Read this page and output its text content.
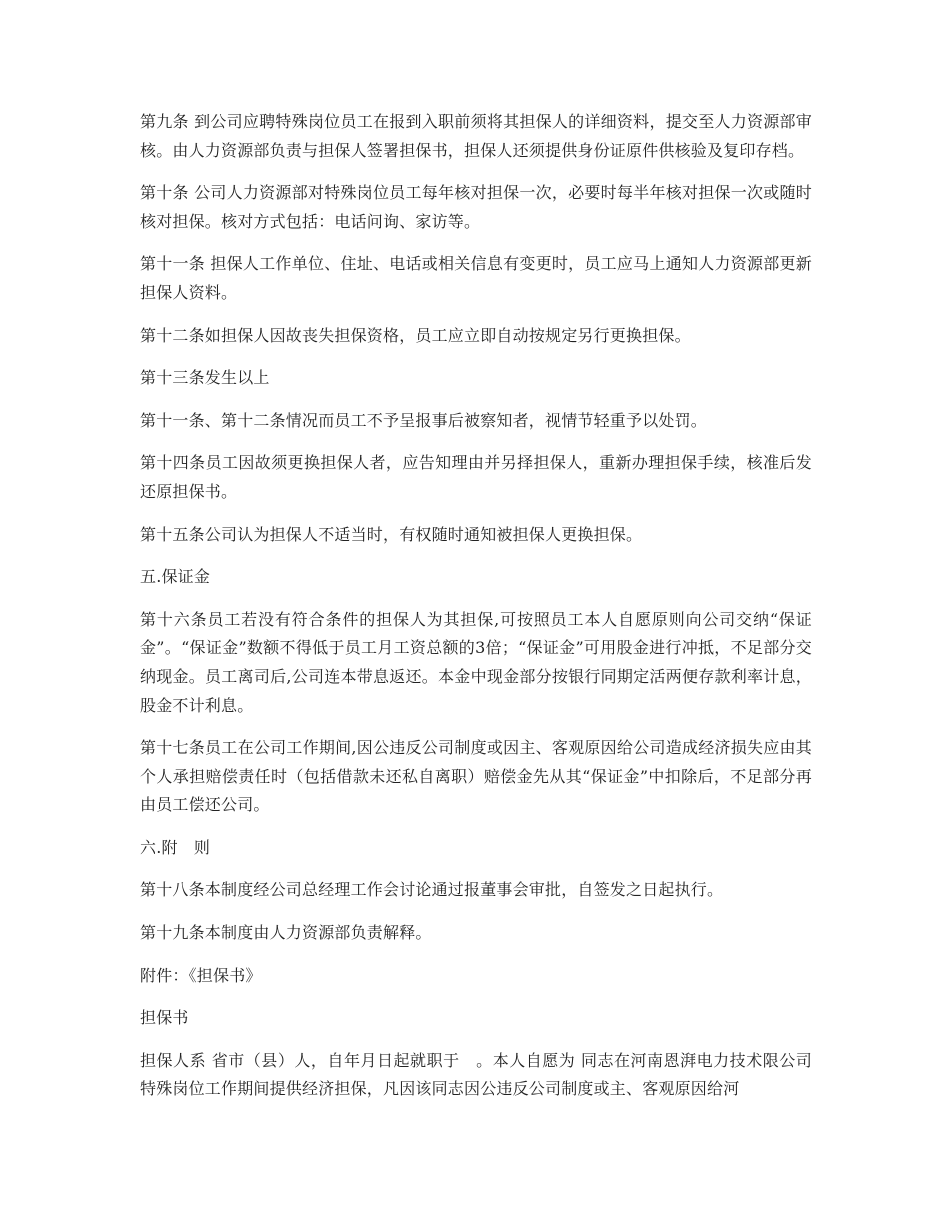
第九条 到公司应聘特殊岗位员工在报到入职前须将其担保人的详细资料，提交至人力资源部审核。由人力资源部负责与担保人签署担保书，担保人还须提供身份证原件供核验及复印存档。

第十条 公司人力资源部对特殊岗位员工每年核对担保一次，必要时每半年核对担保一次或随时核对担保。核对方式包括：电话问询、家访等。

第十一条 担保人工作单位、住址、电话或相关信息有变更时，员工应马上通知人力资源部更新担保人资料。

第十二条如担保人因故丧失担保资格，员工应立即自动按规定另行更换担保。

第十三条发生以上

第十一条、第十二条情况而员工不予呈报事后被察知者，视情节轻重予以处罚。

第十四条员工因故须更换担保人者，应告知理由并另择担保人，重新办理担保手续，核准后发还原担保书。

第十五条公司认为担保人不适当时，有权随时通知被担保人更换担保。

五.保证金

第十六条员工若没有符合条件的担保人为其担保,可按照员工本人自愿原则向公司交纳“保证金”。“保证金”数额不得低于员工月工资总额的3倍；“保证金”可用股金进行冲抵，不足部分交纳现金。员工离司后,公司连本带息返还。本金中现金部分按银行同期定活两便存款利率计息，股金不计利息。

第十七条员工在公司工作期间,因公违反公司制度或因主、客观原因给公司造成经济损失应由其个人承担赔偿责任时（包括借款未还私自离职）赔偿金先从其“保证金”中扣除后，不足部分再由员工偿还公司。

六.附　则

第十八条本制度经公司总经理工作会讨论通过报董事会审批，自签发之日起执行。

第十九条本制度由人力资源部负责解释。

附件：《担保书》

担保书

担保人系 省市（县）人，自年月日起就职于　。本人自愿为 同志在河南恩湃电力技术限公司特殊岗位工作期间提供经济担保，凡因该同志因公违反公司制度或主、客观原因给河
